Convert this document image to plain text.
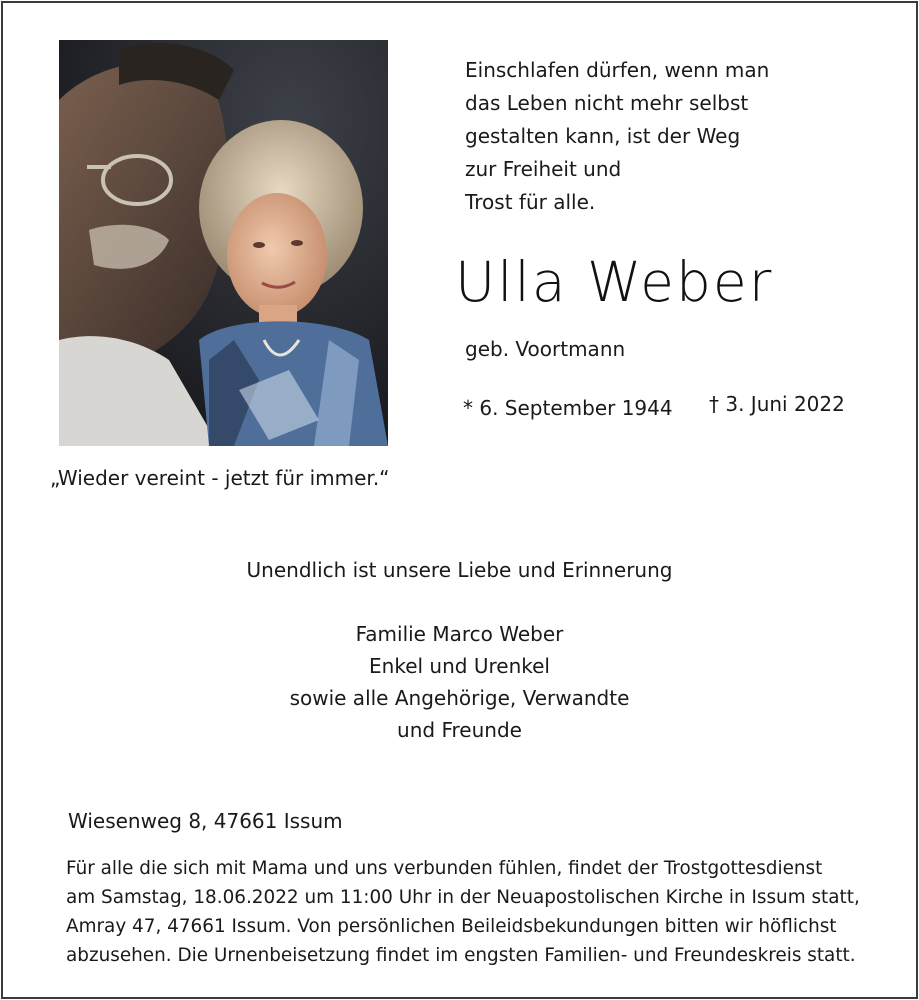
Einschlafen dürfen, wenn man
das Leben nicht mehr selbst
gestalten kann, ist der Weg
zur Freiheit und
Trost für alle.
Ulla Weber
geb. Voortmann
* 6. September 1944 † 3. Juni 2022
„Wieder vereint - jetzt für immer.“
Unendlich ist unsere Liebe und Erinnerung
Familie Marco Weber
Enkel und Urenkel
sowie alle Angehörige, Verwandte
und Freunde
Wiesenweg 8, 47661 Issum
Für alle die sich mit Mama und uns verbunden fühlen, findet der Trostgottesdienst
am Samstag, 18.06.2022 um 11:00 Uhr in der Neuapostolischen Kirche in Issum statt,
Amray 47, 47661 Issum. Von persönlichen Beileidsbekundungen bitten wir höflichst
abzusehen. Die Urnenbeisetzung findet im engsten Familien- und Freundeskreis statt.
